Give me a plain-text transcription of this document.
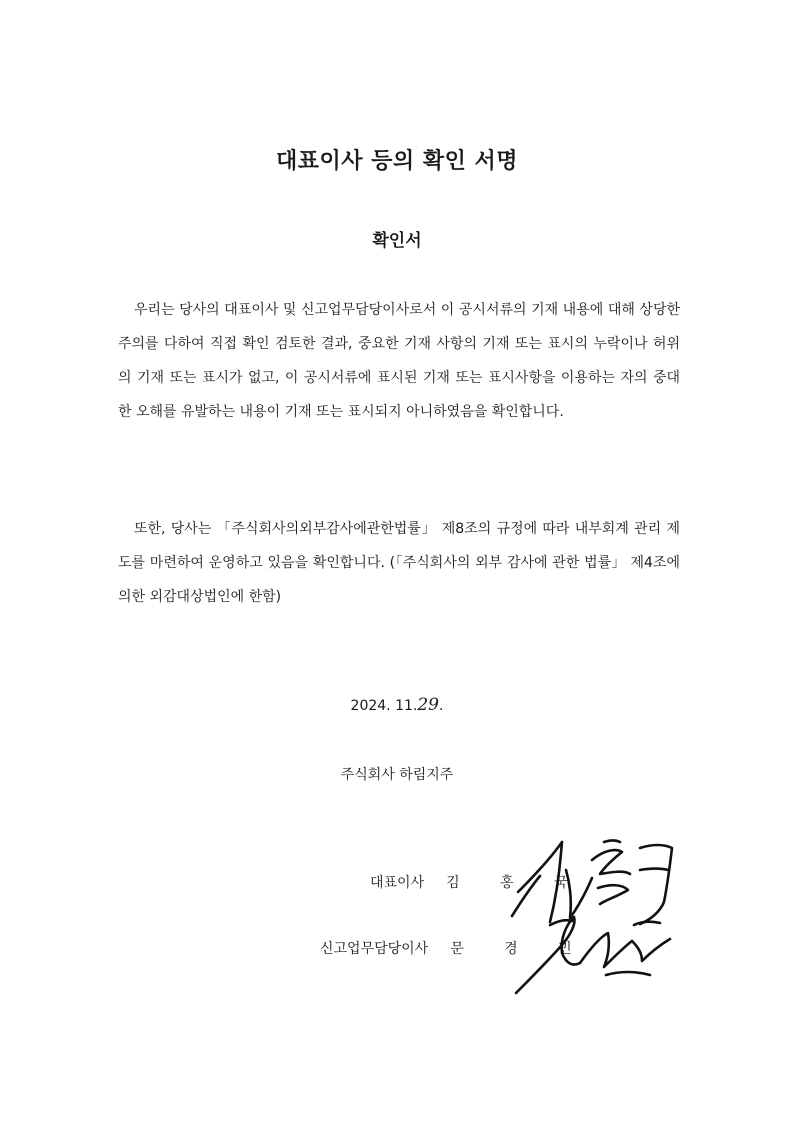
대표이사 등의 확인 서명
확인서

우리는 당사의 대표이사 및 신고업무담당이사로서 이 공시서류의 기재 내용에 대해 상당한 주의를 다하여 직접 확인 검토한 결과, 중요한 기재 사항의 기재 또는 표시의 누락이나 허위의 기재 또는 표시가 없고, 이 공시서류에 표시된 기재 또는 표시사항을 이용하는 자의 중대한 오해를 유발하는 내용이 기재 또는 표시되지 아니하였음을 확인합니다.

또한, 당사는 「주식회사의외부감사에관한법률」 제8조의 규정에 따라 내부회계 관리 제도를 마련하여 운영하고 있음을 확인합니다. (「주식회사의 외부 감사에 관한 법률」 제4조에 의한 외감대상법인에 한함)

2024. 11.29.
주식회사 하림지주
대표이사 김 홍 국
신고업무담당이사 문 경 민
